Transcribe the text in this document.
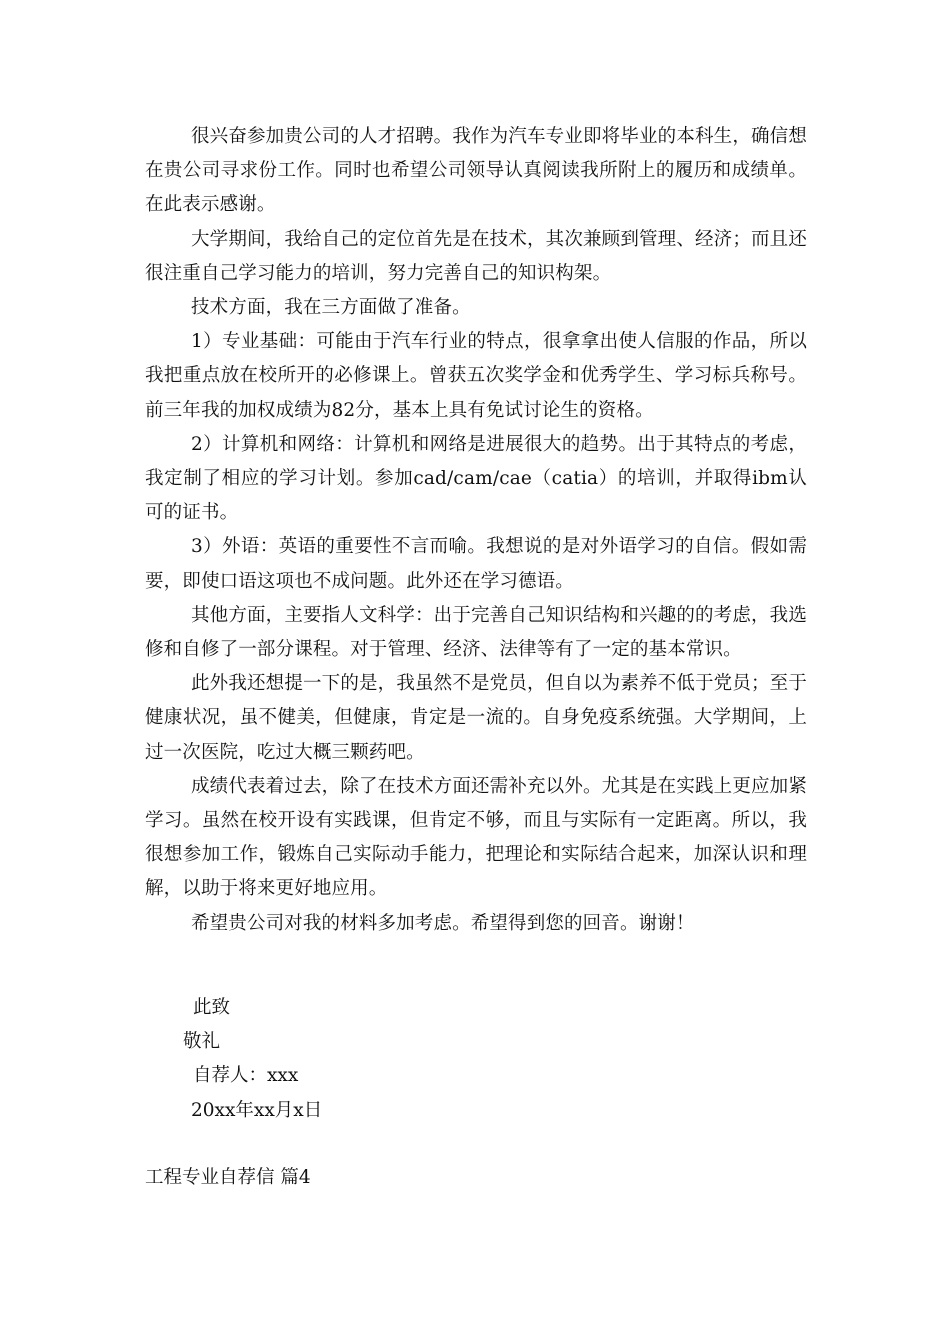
很兴奋参加贵公司的人才招聘。我作为汽车专业即将毕业的本科生，确信想在贵公司寻求份工作。同时也希望公司领导认真阅读我所附上的履历和成绩单。在此表示感谢。

大学期间，我给自己的定位首先是在技术，其次兼顾到管理、经济；而且还很注重自己学习能力的培训，努力完善自己的知识构架。

技术方面，我在三方面做了准备。

1）专业基础：可能由于汽车行业的特点，很拿拿出使人信服的作品，所以我把重点放在校所开的必修课上。曾获五次奖学金和优秀学生、学习标兵称号。前三年我的加权成绩为82分，基本上具有免试讨论生的资格。

2）计算机和网络：计算机和网络是进展很大的趋势。出于其特点的考虑，我定制了相应的学习计划。参加cad/cam/cae（catia）的培训，并取得ibm认可的证书。

3）外语：英语的重要性不言而喻。我想说的是对外语学习的自信。假如需要，即使口语这项也不成问题。此外还在学习德语。

其他方面，主要指人文科学：出于完善自己知识结构和兴趣的的考虑，我选修和自修了一部分课程。对于管理、经济、法律等有了一定的基本常识。

此外我还想提一下的是，我虽然不是党员，但自以为素养不低于党员；至于健康状况，虽不健美，但健康，肯定是一流的。自身免疫系统强。大学期间，上过一次医院，吃过大概三颗药吧。

成绩代表着过去，除了在技术方面还需补充以外。尤其是在实践上更应加紧学习。虽然在校开设有实践课，但肯定不够，而且与实际有一定距离。所以，我很想参加工作，锻炼自己实际动手能力，把理论和实际结合起来，加深认识和理解，以助于将来更好地应用。

希望贵公司对我的材料多加考虑。希望得到您的回音。谢谢！

此致
敬礼
自荐人：xxx
20xx年xx月x日
工程专业自荐信 篇4
